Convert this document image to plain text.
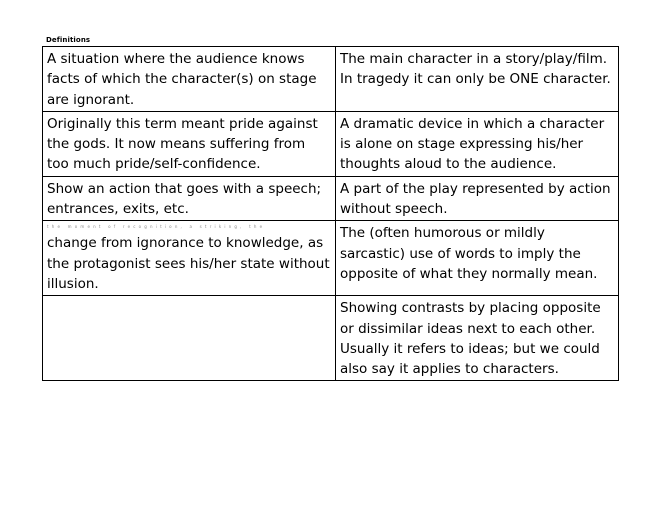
Definitions
A situation where the audience knows facts of which the character(s) on stage are ignorant.	The main character in a story/play/film. In tragedy it can only be ONE character.
Originally this term meant pride against the gods. It now means suffering from too much pride/self-confidence.	A dramatic device in which a character is alone on stage expressing his/her thoughts aloud to the audience.
Show an action that goes with a speech; entrances, exits, etc.	A part of the play represented by action without speech.

the moment of recognition, a striking, the
change from ignorance to knowledge, as the protagonist sees his/her state without illusion.	The (often humorous or mildly sarcastic) use of words to imply the opposite of what they normally mean.
	Showing contrasts by placing opposite or dissimilar ideas next to each other. Usually it refers to ideas; but we could also say it applies to characters.
